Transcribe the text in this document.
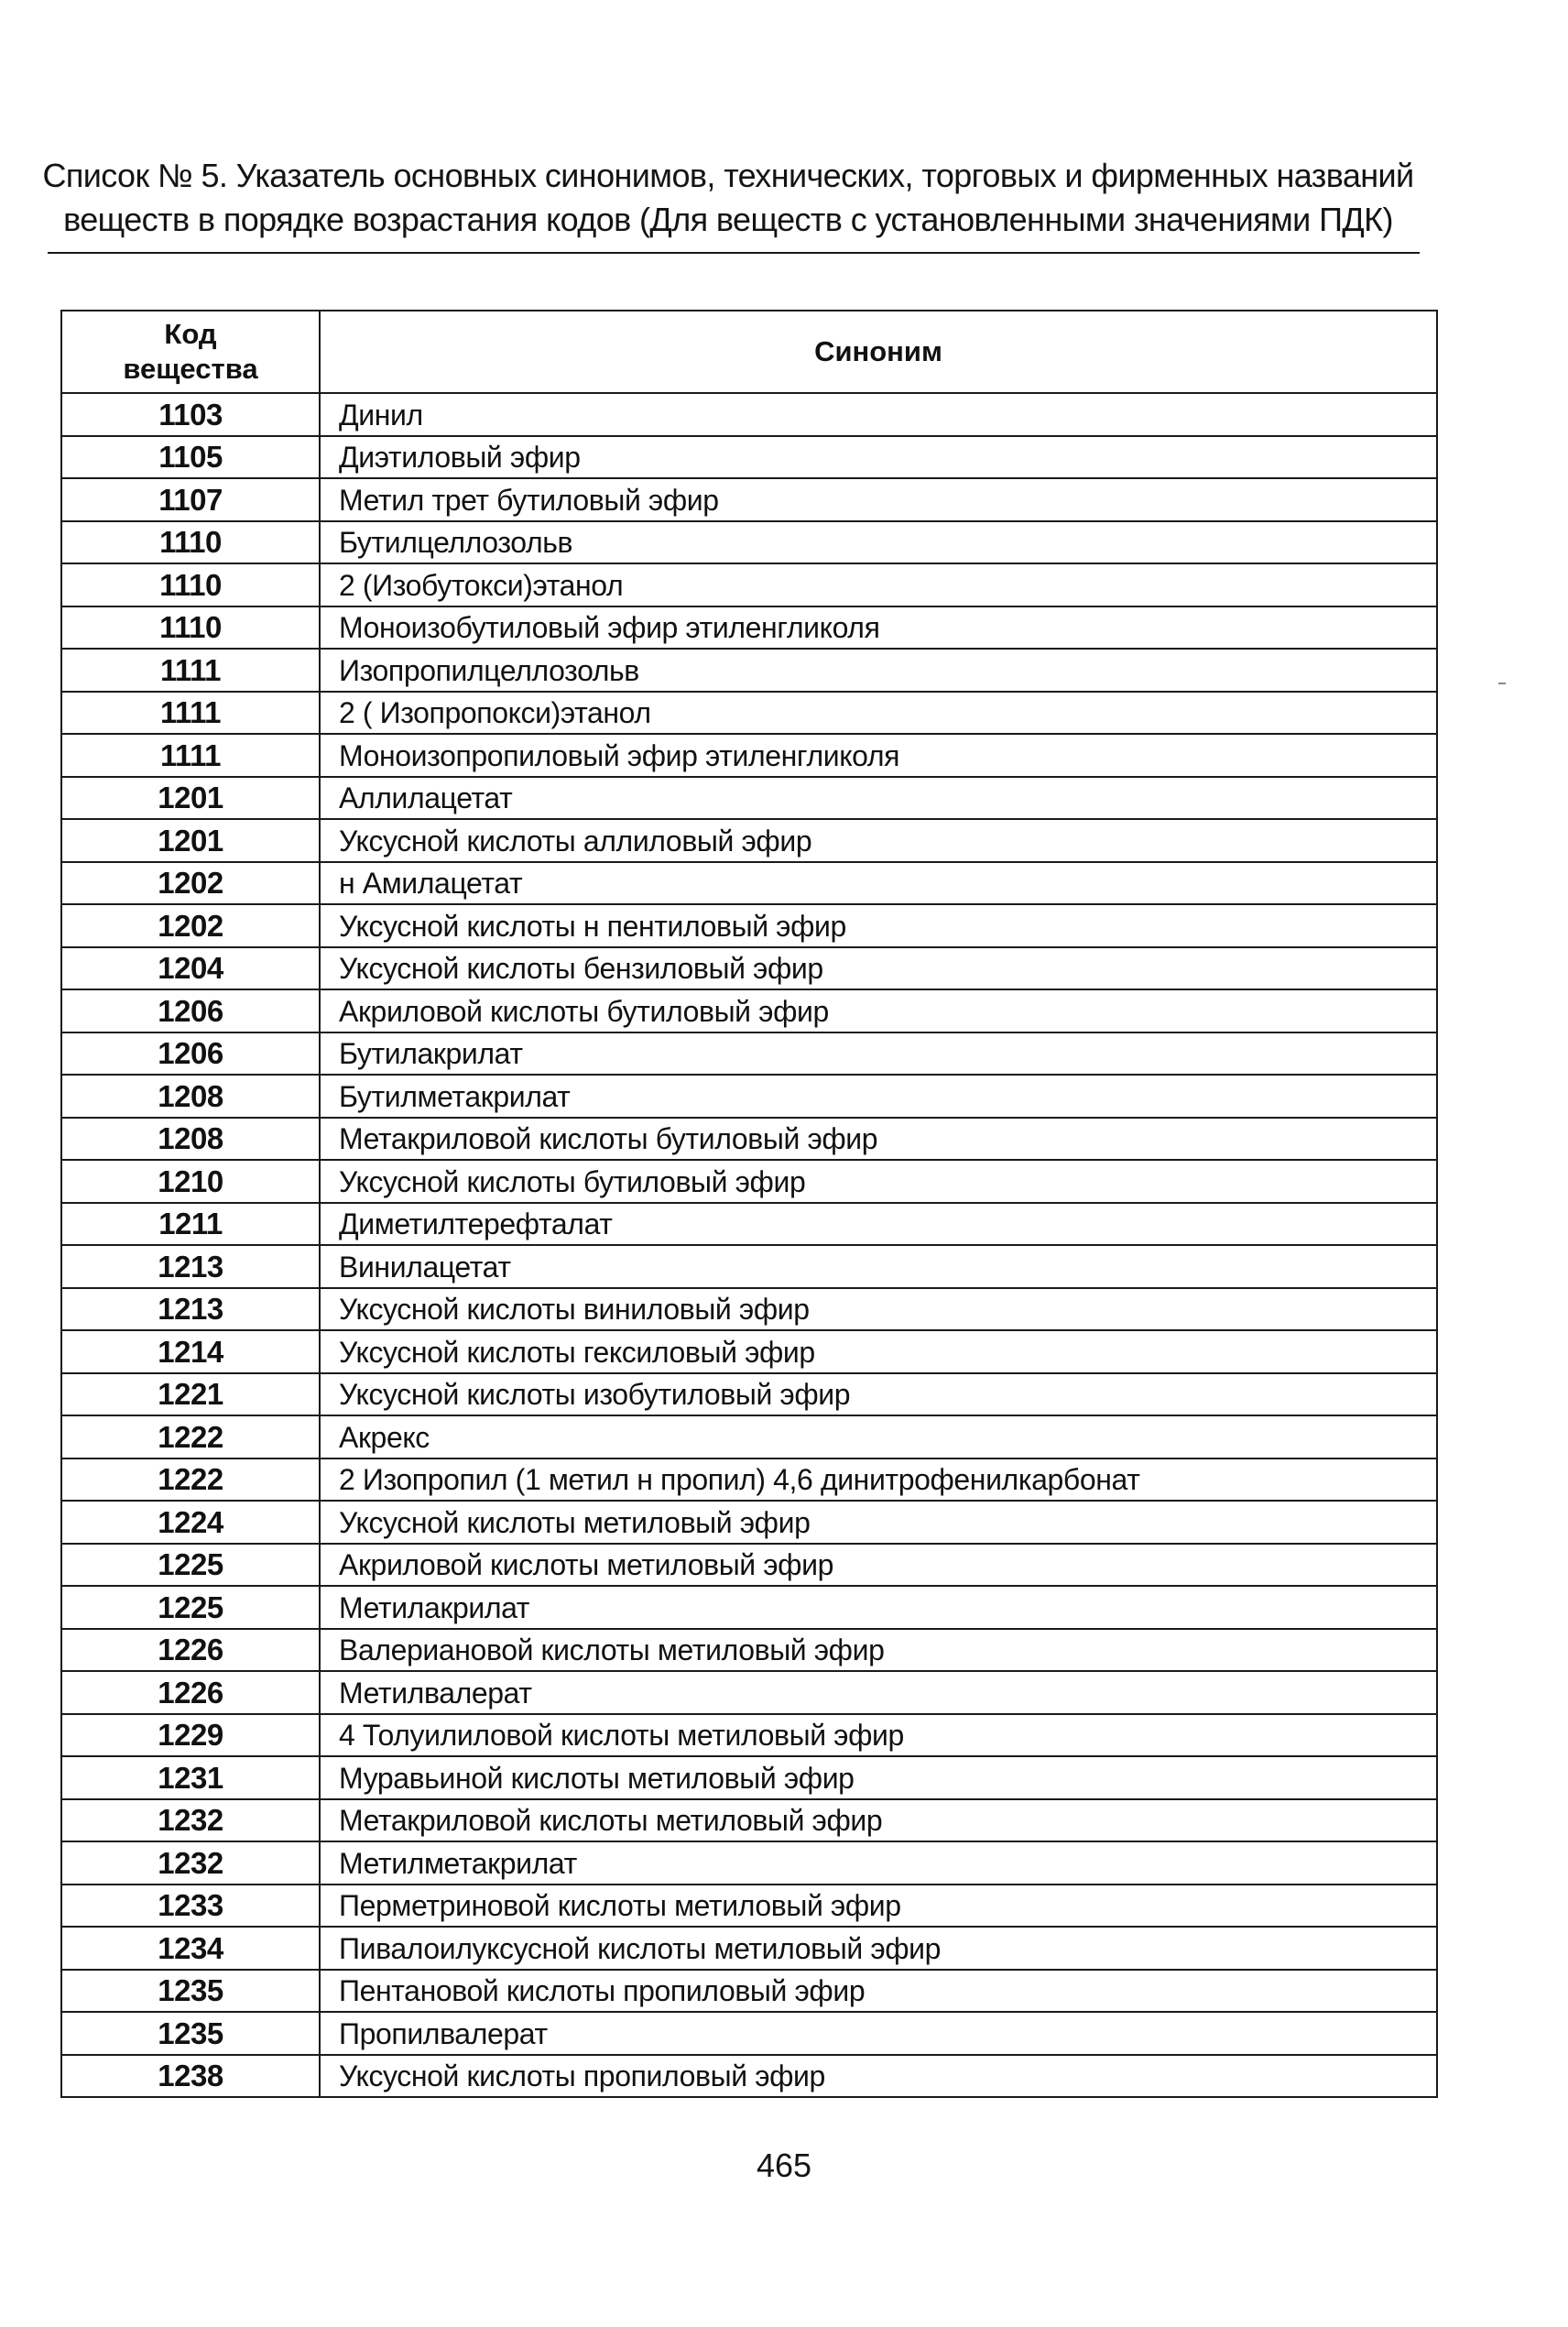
Список № 5. Указатель основных синонимов, технических, торговых и фирменных названий
веществ в порядке возрастания кодов (Для веществ с установленными значениями ПДК)
Код
вещества	Синоним
1103	Динил
1105	Диэтиловый эфир
1107	Метил трет бутиловый эфир
1110	Бутилцеллозольв
1110	2 (Изобутокси)этанол
1110	Моноизобутиловый эфир этиленгликоля
1111	Изопропилцеллозольв
1111	2 ( Изопропокси)этанол
1111	Моноизопропиловый эфир этиленгликоля
1201	Аллилацетат
1201	Уксусной кислоты аллиловый эфир
1202	н Амилацетат
1202	Уксусной кислоты н пентиловый эфир
1204	Уксусной кислоты бензиловый эфир
1206	Акриловой кислоты бутиловый эфир
1206	Бутилакрилат
1208	Бутилметакрилат
1208	Метакриловой кислоты бутиловый эфир
1210	Уксусной кислоты бутиловый эфир
1211	Диметилтерефталат
1213	Винилацетат
1213	Уксусной кислоты виниловый эфир
1214	Уксусной кислоты гексиловый эфир
1221	Уксусной кислоты изобутиловый эфир
1222	Акрекс
1222	2 Изопропил (1 метил н пропил) 4,6 динитрофенилкарбонат
1224	Уксусной кислоты метиловый эфир
1225	Акриловой кислоты метиловый эфир
1225	Метилакрилат
1226	Валериановой кислоты метиловый эфир
1226	Метилвалерат
1229	4 Толуилиловой кислоты метиловый эфир
1231	Муравьиной кислоты метиловый эфир
1232	Метакриловой кислоты метиловый эфир
1232	Метилметакрилат
1233	Перметриновой кислоты метиловый эфир
1234	Пивалоилуксусной кислоты метиловый эфир
1235	Пентановой кислоты пропиловый эфир
1235	Пропилвалерат
1238	Уксусной кислоты пропиловый эфир
465
